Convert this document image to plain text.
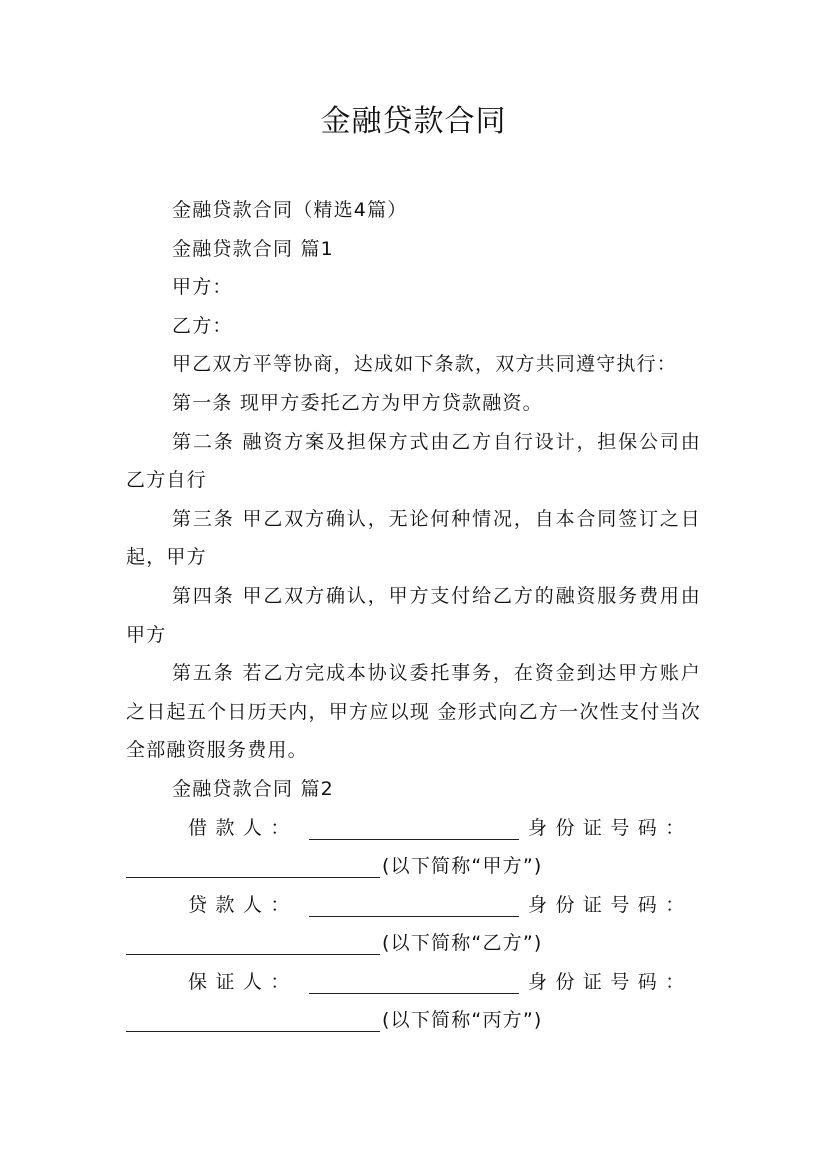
金融贷款合同

金融贷款合同（精选4篇）

金融贷款合同 篇1

甲方：

乙方：

甲乙双方平等协商，达成如下条款，双方共同遵守执行：

第一条 现甲方委托乙方为甲方贷款融资。

第二条 融资方案及担保方式由乙方自行设计，担保公司由乙方自行

第三条 甲乙双方确认，无论何种情况，自本合同签订之日起，甲方

第四条 甲乙双方确认，甲方支付给乙方的融资服务费用由甲方

第五条 若乙方完成本协议委托事务，在资金到达甲方账户之日起五个日历天内，甲方应以现 金形式向乙方一次性支付当次全部融资服务费用。

金融贷款合同 篇2

借 款 人 ：	身 份 证 号 码 ：
(以下简称“甲方”)
贷 款 人 ：	身 份 证 号 码 ：
(以下简称“乙方”)
保 证 人 ：	身 份 证 号 码 ：
(以下简称“丙方”)
